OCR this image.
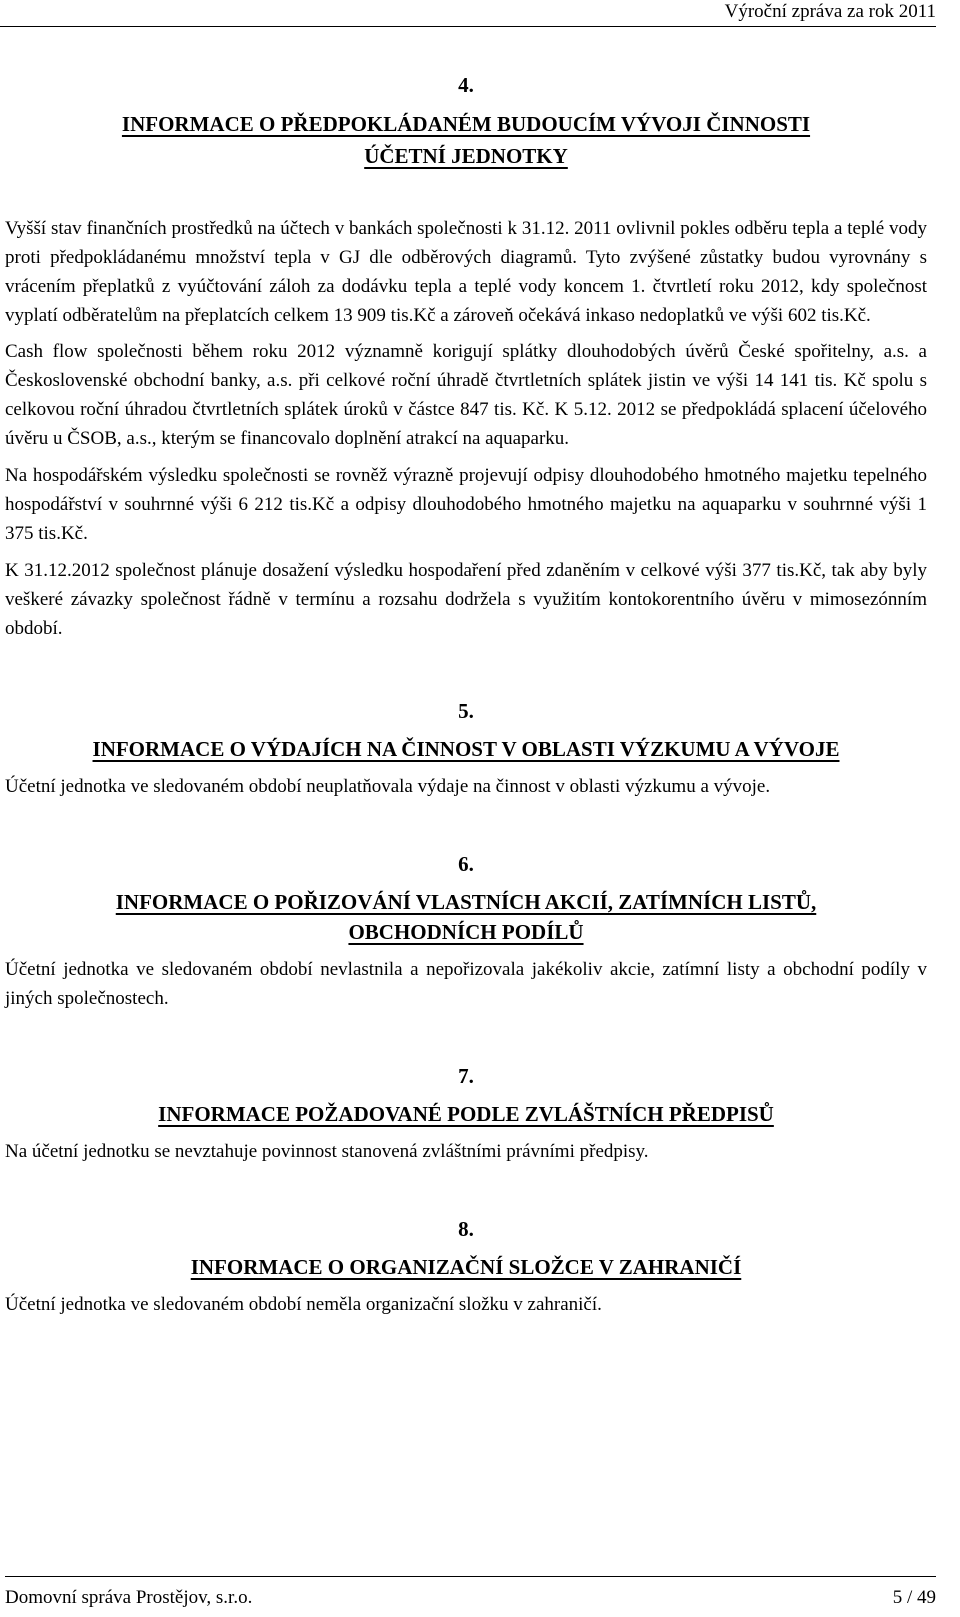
Výroční zpráva za rok 2011
4.
INFORMACE O PŘEDPOKLÁDANÉM BUDOUCÍM VÝVOJI ČINNOSTI ÚČETNÍ JEDNOTKY

Vyšší stav finančních prostředků na účtech v bankách společnosti k 31.12. 2011 ovlivnil pokles odběru tepla a teplé vody proti předpokládanému množství tepla v GJ dle odběrových diagramů. Tyto zvýšené zůstatky budou vyrovnány s vrácením přeplatků z vyúčtování záloh za dodávku tepla a teplé vody koncem 1. čtvrtletí roku 2012, kdy společnost vyplatí odběratelům na přeplatcích celkem 13 909 tis.Kč a zároveň očekává inkaso nedoplatků ve výši 602 tis.Kč.

Cash flow společnosti během roku 2012 významně korigují splátky dlouhodobých úvěrů České spořitelny, a.s. a Československé obchodní banky, a.s. při celkové roční úhradě čtvrtletních splátek jistin ve výši 14 141 tis. Kč spolu s celkovou roční úhradou čtvrtletních splátek úroků v částce 847 tis. Kč. K 5.12. 2012 se předpokládá splacení účelového úvěru u ČSOB, a.s., kterým se financovalo doplnění atrakcí na aquaparku.

Na hospodářském výsledku společnosti se rovněž výrazně projevují odpisy dlouhodobého hmotného majetku tepelného hospodářství v souhrnné výši 6 212 tis.Kč a odpisy dlouhodobého hmotného majetku na aquaparku v souhrnné výši 1 375 tis.Kč.

K 31.12.2012 společnost plánuje dosažení výsledku hospodaření před zdaněním v celkové výši 377 tis.Kč, tak aby byly veškeré závazky společnost řádně v termínu a rozsahu dodržela s využitím kontokorentního úvěru v mimosezónním období.

5.
INFORMACE O VÝDAJÍCH NA ČINNOST V OBLASTI VÝZKUMU A VÝVOJE

Účetní jednotka ve sledovaném období neuplatňovala výdaje na činnost v oblasti výzkumu a vývoje.

6.
INFORMACE O POŘIZOVÁNÍ VLASTNÍCH AKCIÍ, ZATÍMNÍCH LISTŮ, OBCHODNÍCH PODÍLŮ

Účetní jednotka ve sledovaném období nevlastnila a nepořizovala jakékoliv akcie, zatímní listy a obchodní podíly v jiných společnostech.

7.
INFORMACE POŽADOVANÉ PODLE ZVLÁŠTNÍCH PŘEDPISŮ

Na účetní jednotku se nevztahuje povinnost stanovená zvláštními právními předpisy.

8.
INFORMACE O ORGANIZAČNÍ SLOŽCE V ZAHRANIČÍ

Účetní jednotka ve sledovaném období neměla organizační složku v zahraničí.

Domovní správa Prostějov, s.r.o.	5 / 49
